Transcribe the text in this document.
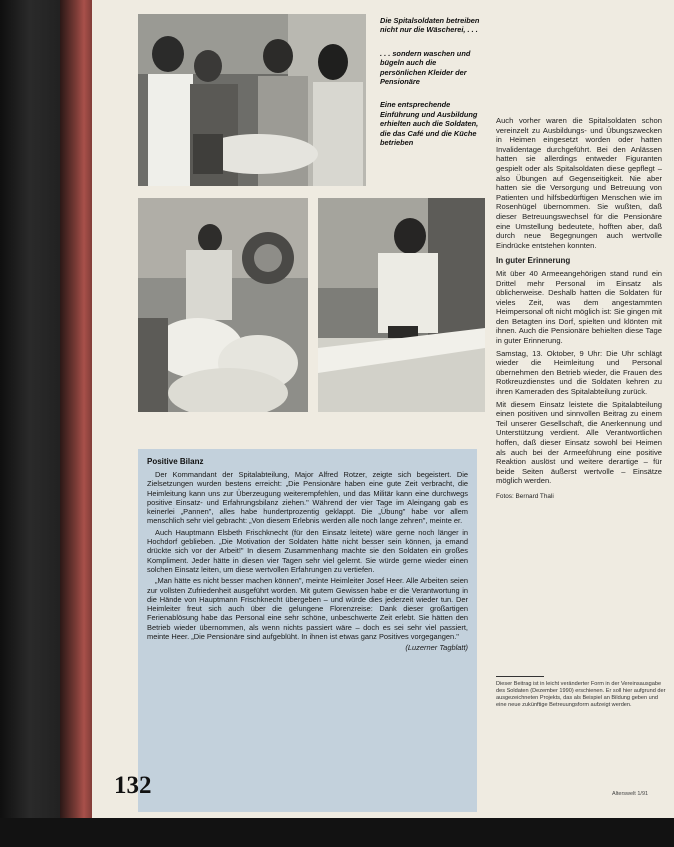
Die Spitalsoldaten betreiben nicht nur die Wäscherei, . . .

. . . sondern waschen und bügeln auch die persönlichen Kleider der Pensionäre

Eine entsprechende Einführung und Ausbildung erhielten auch die Soldaten, die das Café und die Küche betrieben

Auch vorher waren die Spitalsoldaten schon vereinzelt zu Ausbildungs- und Übungszwecken in Heimen eingesetzt worden oder hatten Invalidentage durchgeführt. Bei den Anlässen hatten sie allerdings entweder Figuranten gespielt oder als Spitalsoldaten diese gepflegt – also Übungen auf Gegenseitigkeit. Nie aber hatten sie die Versorgung und Betreuung von Patienten und hilfsbedürftigen Menschen wie im Rosenhügel übernommen. Sie wußten, daß dieser Betreuungswechsel für die Pensionäre eine Umstellung bedeutete, hofften aber, daß durch neue Begegnungen auch wertvolle Eindrücke entstehen konnten.

In guter Erinnerung

Mit über 40 Armeeangehörigen stand rund ein Drittel mehr Personal im Einsatz als üblicherweise. Deshalb hatten die Soldaten für vieles Zeit, was dem angestammten Heimpersonal oft nicht möglich ist: Sie gingen mit den Betagten ins Dorf, spielten und klönten mit ihnen. Auch die Pensionäre behielten diese Tage in guter Erinnerung.

Samstag, 13. Oktober, 9 Uhr: Die Uhr schlägt wieder die Heimleitung und Personal übernehmen den Betrieb wieder, die Frauen des Rotkreuzdienstes und die Soldaten kehren zu ihren Kameraden des Spitalabteilung zurück.

Mit diesem Einsatz leistete die Spitalabteilung einen positiven und sinnvollen Beitrag zu einem Teil unserer Gesellschaft, die Anerkennung und Unterstützung verdient. Alle Verantwortlichen hoffen, daß dieser Einsatz sowohl bei Heimen als auch bei der Armeeführung eine positive Reaktion auslöst und weitere derartige – für beide Seiten äußerst wertvolle – Einsätze möglich werden.

Fotos: Bernard Thali
Positive Bilanz

Der Kommandant der Spitalabteilung, Major Alfred Rotzer, zeigte sich begeistert. Die Zielsetzungen wurden bestens erreicht: „Die Pensionäre haben eine gute Zeit verbracht, die Heimleitung kann uns zur Überzeugung weiterempfehlen, und das Militär kann eine durchwegs positive Einsatz- und Erfahrungsbilanz ziehen." Während der vier Tage im Aleingang gab es keinerlei „Pannen", alles habe hundertprozentig geklappt. Die „Übung" habe vor allem menschlich sehr viel gebracht: „Von diesem Erlebnis werden alle noch lange zehren", meinte er.

Auch Hauptmann Elsbeth Frischknecht (für den Einsatz leitete) wäre gerne noch länger in Hochdorf geblieben. „Die Motivation der Soldaten hätte nicht besser sein können, ja emand drückte sich vor der Arbeit!" In diesem Zusammenhang machte sie den Soldaten ein großes Kompliment. Jeder hätte in diesen vier Tagen sehr viel gelernt. Sie würde gerne wieder einen solchen Einsatz leiten, um diese wertvollen Erfahrungen zu vertiefen.

„Man hätte es nicht besser machen können", meinte Heimleiter Josef Heer. Alle Arbeiten seien zur vollsten Zufriedenheit ausgeführt worden. Mit gutem Gewissen habe er die Verantwortung in die Hände von Hauptmann Frischknecht übergeben – und würde dies jederzeit wieder tun. Der Heimleiter freut sich auch über die gelungene Florenzreise: Dank dieser großartigen Ferienablösung habe das Personal eine sehr schöne, unbeschwerte Zeit erlebt. Sie hätten den Betrieb wieder übernommen, als wenn nichts passiert wäre – doch es sei sehr viel passiert, meinte Heer. „Die Pensionäre sind aufgeblüht. In ihnen ist etwas ganz Positives vorgegangen."

(Luzerner Tagblatt)

Dieser Beitrag ist in leicht veränderter Form in der Vereinsausgabe des Soldaten (Dezember 1990) erschienen. Er soll hier aufgrund der ausgezeichneten Projekts, das als Beispiel an Bildung geben und eine neue zukünftige Betreuungsform aufzeigt werden.
132	Alterswelt 1/91
